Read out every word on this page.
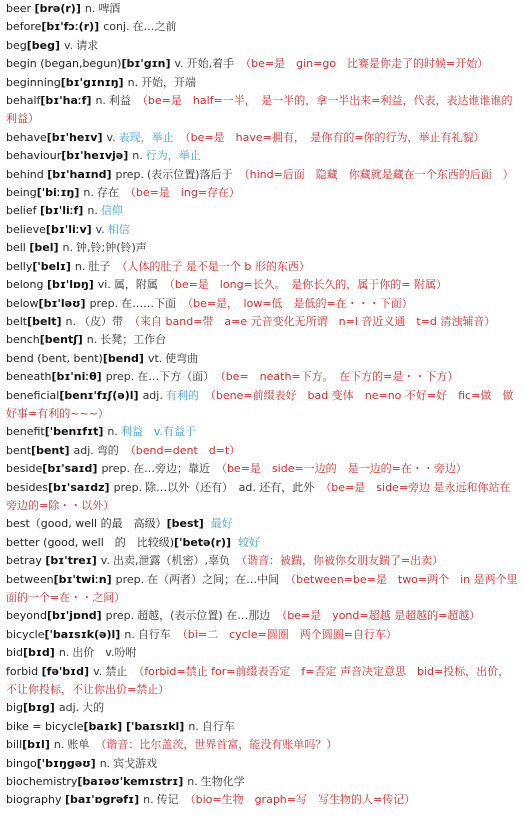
beer [brə(r)] n. 啤酒
before[bɪ'fɔː(r)] conj. 在…之前
beg[beg] v. 请求
begin (began,begun)[bɪ'gɪn] v. 开始,着手 （be=是　gin=go　比赛是你走了的时候=开始）
beginning[bɪ'gɪnɪŋ] n. 开始，开端
behalf[bɪ'haːf] n. 利益 （be=是　half=一半，　是一半的，拿一半出来=利益，代表，表达谁谁谁的利益）
behave[bɪ'heɪv] v. 表现，举止 （be=是　have=拥有，　是你有的=你的行为，举止有礼貌）
behaviour[bɪ'heɪvjə] n. 行为，举止
behind [bɪ'haɪnd] prep. (表示位置)落后于 （hind=后面　隐藏　你藏就是藏在一个东西的后面　）
being['biːɪŋ] n. 存在 （be=是　ing=存在）
belief [bɪ'liːf] n. 信仰
believe[bɪ'liːv] v. 相信
bell [bel] n. 钟,铃;钟(铃)声
belly['belɪ] n. 肚子 （人体的肚子 是不是一个 b 形的东西）
belong [bɪ'lɒŋ] vi. 属，附属 （be=是　long=长久。　是你长久的，属于你的= 附属）
below[bɪ'ləʊ] prep. 在……下面 （be=是，　low=低　是低的=在・・・下面）
belt[belt] n. （皮）带 （来自 band=带　a=e 元音变化无所谓　n=l 音近义通　t=d 清浊辅音）
bench[bentʃ] n. 长凳；工作台
bend (bent, bent)[bend] vt. 使弯曲
beneath[bɪ'niːθ] prep. 在…下方（面） （be=　neath=下方。　在下方的=是・・下方）
beneficial[benɪ'fɪʃ(ə)l] adj. 有利的 （bene=前缀表好　bad 变体　ne=no 不好=好　fic=做　做好事=有利的~~~）
benefit['benɪfɪt] n. 利益　v.有益于
bent[bent] adj. 弯的 （bend=dent　d=t）
beside[bɪ'saɪd] prep. 在…旁边；靠近 （be=是　side=一边的　是一边的=在・・旁边）
besides[bɪ'saɪdz] prep. 除…以外（还有）　ad. 还有，此外 （be=是　side=旁边 是永远和你站在旁边的=除・・以外）
best（good, well 的最　高级）[best] 最好
better (good, well　的　比较级)['betə(r)] 较好
betray [bɪ'treɪ] v. 出卖,泄露（机密）,辜负 （谐音：被踹，你被你女朋友踹了=出卖）
between[bɪ'twiːn] prep. 在（两者）之间；在…中间 （between=be=是　two=两个　in 是两个里面的一个=在・・之间）
beyond[bɪ'jɒnd] prep. 超越，(表示位置) 在…那边 （be=是　yond=超越 是超越的=超越）
bicycle['baɪsɪk(ə)l] n. 自行车 （bi=二　cycle=圆圈　两个圆圈=自行车）
bid[bɪd] n. 出价　v.吩咐
forbid [fə'bɪd] v. 禁止 （forbid=禁止 for=前缀表否定　f=否定 声音决定意思　bid=投标，出价，　不让你投标，不让你出价=禁止）
big[bɪg] adj. 大的
bike = bicycle[baɪk] ['baɪsɪkl] n. 自行车
bill[bɪl] n. 账单 （谐音：比尔盖茨，世界首富，能没有账单吗？）
bingo['bɪŋgəʊ] n. 宾戈游戏
biochemistry[baɪəʊ'kemɪstrɪ] n. 生物化学
biography [baɪ'ɒgrəfɪ] n. 传记 （bio=生物　graph=写　写生物的人=传记）
